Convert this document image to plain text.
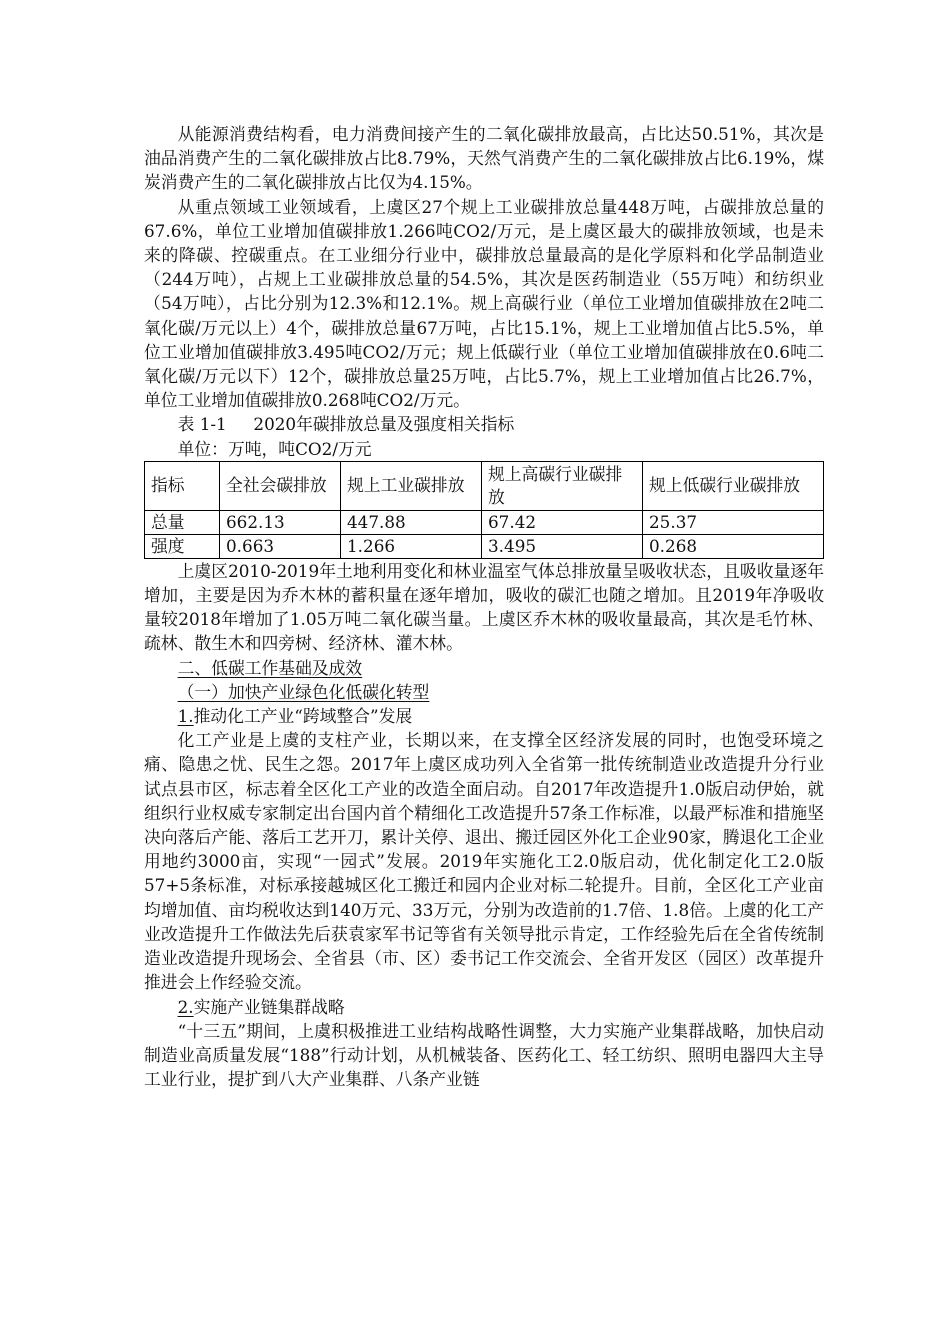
从能源消费结构看，电力消费间接产生的二氧化碳排放最高，占比达50.51%，其次是油品消费产生的二氧化碳排放占比8.79%，天然气消费产生的二氧化碳排放占比6.19%，煤炭消费产生的二氧化碳排放占比仅为4.15%。

从重点领域工业领域看，上虞区27个规上工业碳排放总量448万吨，占碳排放总量的67.6%，单位工业增加值碳排放1.266吨CO2/万元，是上虞区最大的碳排放领域，也是未来的降碳、控碳重点。在工业细分行业中，碳排放总量最高的是化学原料和化学品制造业（244万吨），占规上工业碳排放总量的54.5%，其次是医药制造业（55万吨）和纺织业（54万吨），占比分别为12.3%和12.1%。规上高碳行业（单位工业增加值碳排放在2吨二氧化碳/万元以上）4个，碳排放总量67万吨，占比15.1%，规上工业增加值占比5.5%，单位工业增加值碳排放3.495吨CO2/万元；规上低碳行业（单位工业增加值碳排放在0.6吨二氧化碳/万元以下）12个，碳排放总量25万吨，占比5.7%，规上工业增加值占比26.7%，单位工业增加值碳排放0.268吨CO2/万元。

表 1-1     2020年碳排放总量及强度相关指标

单位：万吨，吨CO2/万元

指标	全社会碳排放	规上工业碳排放	规上高碳行业碳排放	规上低碳行业碳排放
总量	662.13	447.88	67.42	25.37
强度	0.663	1.266	3.495	0.268

上虞区2010-2019年土地利用变化和林业温室气体总排放量呈吸收状态，且吸收量逐年增加，主要是因为乔木林的蓄积量在逐年增加，吸收的碳汇也随之增加。且2019年净吸收量较2018年增加了1.05万吨二氧化碳当量。上虞区乔木林的吸收量最高，其次是毛竹林、疏林、散生木和四旁树、经济林、灌木林。

二、低碳工作基础及成效

（一）加快产业绿色化低碳化转型

1.推动化工产业“跨域整合”发展

化工产业是上虞的支柱产业，长期以来，在支撑全区经济发展的同时，也饱受环境之痛、隐患之忧、民生之怨。2017年上虞区成功列入全省第一批传统制造业改造提升分行业试点县市区，标志着全区化工产业的改造全面启动。自2017年改造提升1.0版启动伊始，就组织行业权威专家制定出台国内首个精细化工改造提升57条工作标准，以最严标准和措施坚决向落后产能、落后工艺开刀，累计关停、退出、搬迁园区外化工企业90家，腾退化工企业用地约3000亩，实现“一园式”发展。2019年实施化工2.0版启动，优化制定化工2.0版57+5条标准，对标承接越城区化工搬迁和园内企业对标二轮提升。目前，全区化工产业亩均增加值、亩均税收达到140万元、33万元，分别为改造前的1.7倍、1.8倍。上虞的化工产业改造提升工作做法先后获袁家军书记等省有关领导批示肯定，工作经验先后在全省传统制造业改造提升现场会、全省县（市、区）委书记工作交流会、全省开发区（园区）改革提升推进会上作经验交流。

2.实施产业链集群战略

“十三五”期间，上虞积极推进工业结构战略性调整，大力实施产业集群战略，加快启动制造业高质量发展“188”行动计划，从机械装备、医药化工、轻工纺织、照明电器四大主导工业行业，提扩到八大产业集群、八条产业链
